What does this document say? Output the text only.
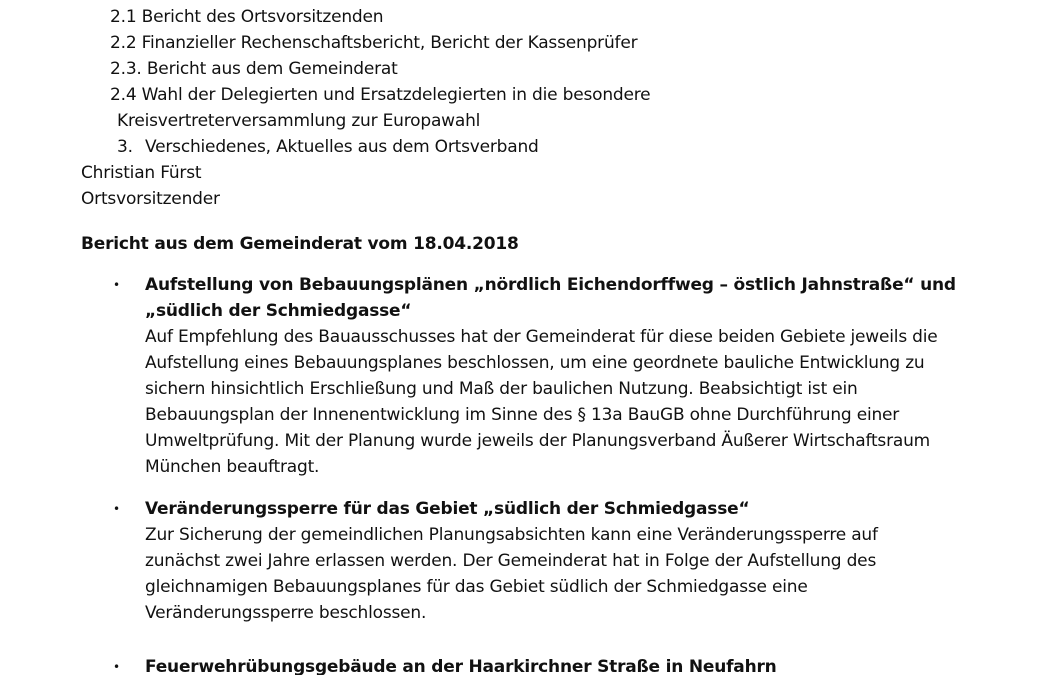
2.1 Bericht des Ortsvorsitzenden
2.2 Finanzieller Rechenschaftsbericht, Bericht der Kassenprüfer
2.3. Bericht aus dem Gemeinderat
2.4 Wahl der Delegierten und Ersatzdelegierten in die besondere
Kreisvertreterversammlung zur Europawahl
3. Verschiedenes, Aktuelles aus dem Ortsverband
Christian Fürst
Ortsvorsitzender
Bericht aus dem Gemeinderat vom 18.04.2018
• Aufstellung von Bebauungsplänen „nördlich Eichendorffweg – östlich Jahnstraße“ und
„südlich der Schmiedgasse“
Auf Empfehlung des Bauausschusses hat der Gemeinderat für diese beiden Gebiete jeweils die
Aufstellung eines Bebauungsplanes beschlossen, um eine geordnete bauliche Entwicklung zu
sichern hinsichtlich Erschließung und Maß der baulichen Nutzung. Beabsichtigt ist ein
Bebauungsplan der Innenentwicklung im Sinne des § 13a BauGB ohne Durchführung einer
Umweltprüfung. Mit der Planung wurde jeweils der Planungsverband Äußerer Wirtschaftsraum
München beauftragt.
• Veränderungssperre für das Gebiet „südlich der Schmiedgasse“
Zur Sicherung der gemeindlichen Planungsabsichten kann eine Veränderungssperre auf
zunächst zwei Jahre erlassen werden. Der Gemeinderat hat in Folge der Aufstellung des
gleichnamigen Bebauungsplanes für das Gebiet südlich der Schmiedgasse eine
Veränderungssperre beschlossen.
• Feuerwehrübungsgebäude an der Haarkirchner Straße in Neufahrn
